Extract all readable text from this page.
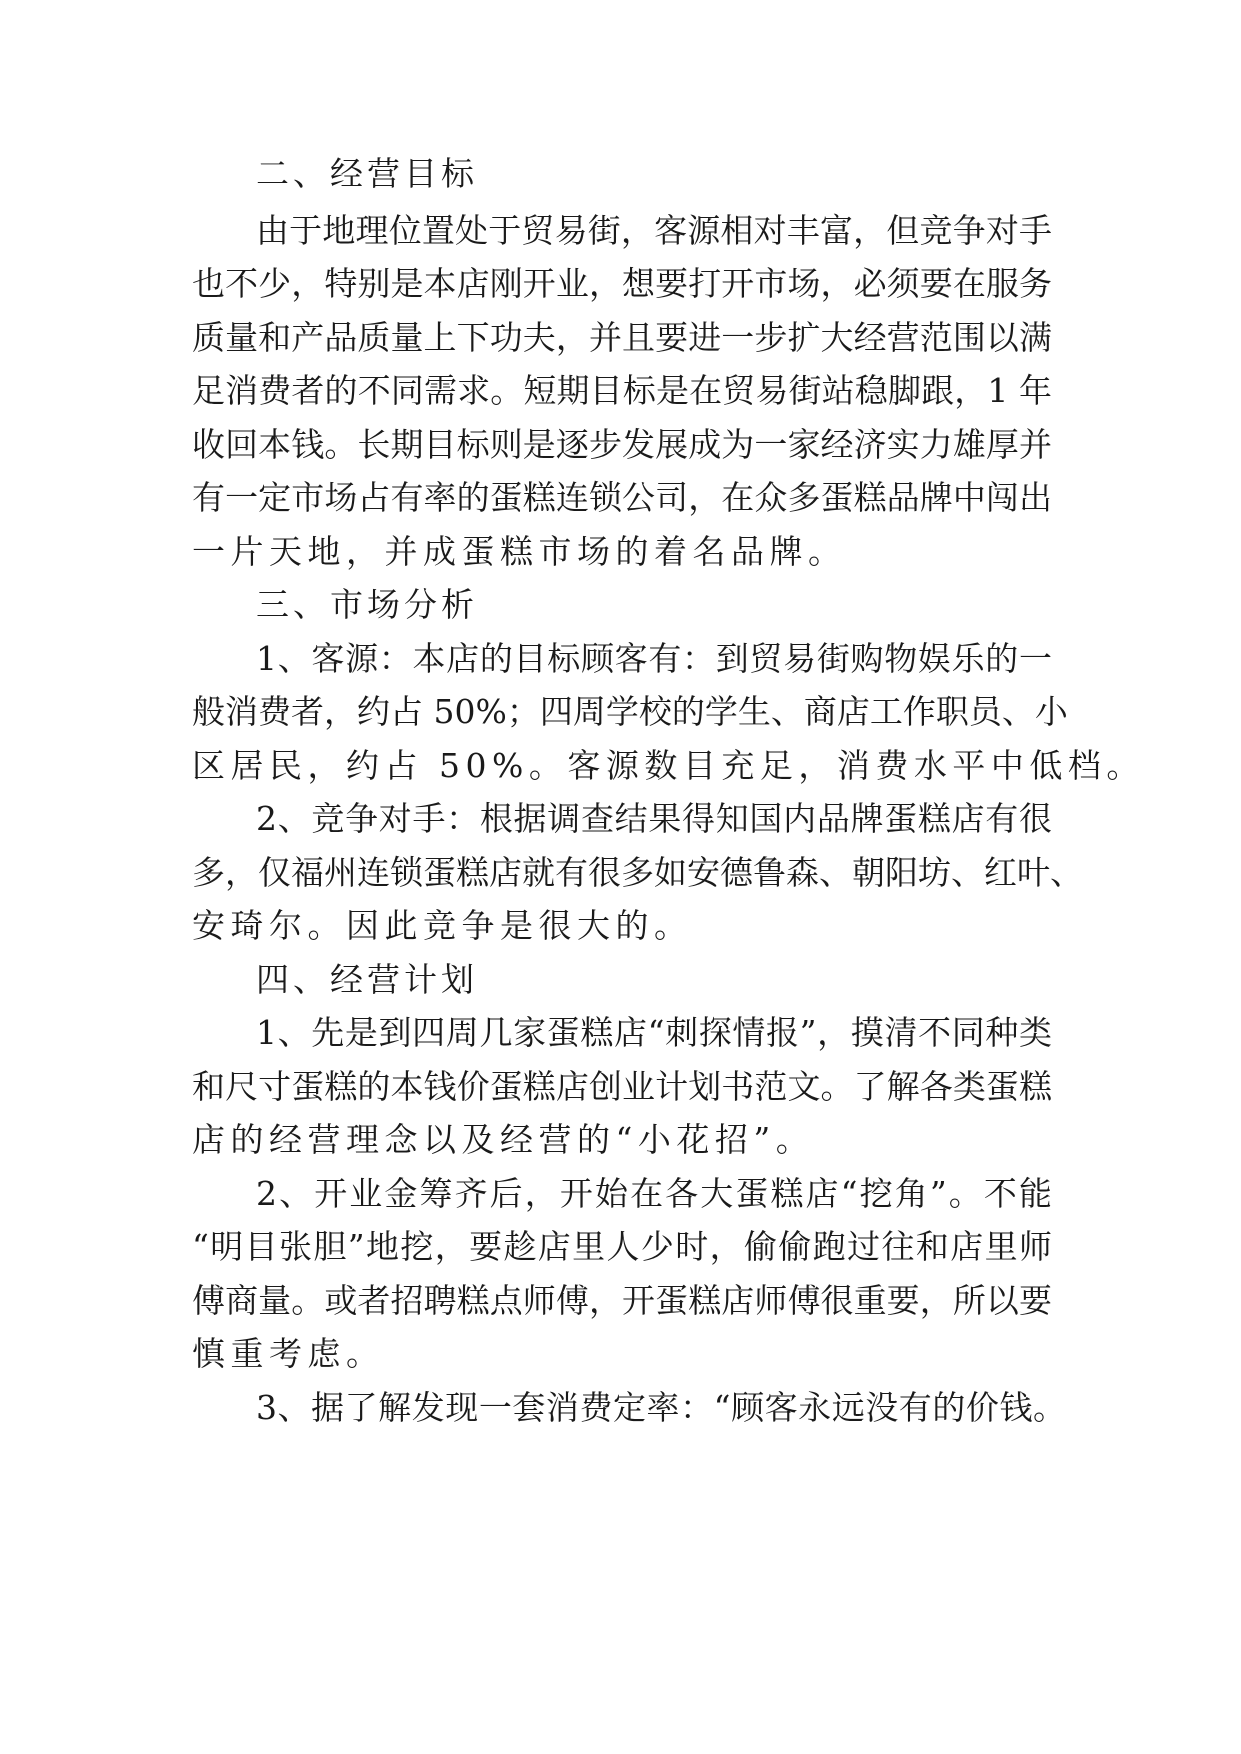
二、经营目标
由于地理位置处于贸易街，客源相对丰富，但竞争对手
也不少，特别是本店刚开业，想要打开市场，必须要在服务
质量和产品质量上下功夫，并且要进一步扩大经营范围以满
足消费者的不同需求。短期目标是在贸易街站稳脚跟，1 年
收回本钱。长期目标则是逐步发展成为一家经济实力雄厚并
有一定市场占有率的蛋糕连锁公司，在众多蛋糕品牌中闯出
一片天地，并成蛋糕市场的着名品牌。
三、市场分析
1、客源：本店的目标顾客有：到贸易街购物娱乐的一
般消费者，约占 50%；四周学校的学生、商店工作职员、小
区居民，约占 50%。客源数目充足，消费水平中低档。
2、竞争对手：根据调查结果得知国内品牌蛋糕店有很
多，仅福州连锁蛋糕店就有很多如安德鲁森、朝阳坊、红叶、
安琦尔。因此竞争是很大的。
四、经营计划
1、先是到四周几家蛋糕店“刺探情报”，摸清不同种类
和尺寸蛋糕的本钱价蛋糕店创业计划书范文。了解各类蛋糕
店的经营理念以及经营的“小花招”。
2、开业金筹齐后，开始在各大蛋糕店“挖角”。不能
“明目张胆”地挖，要趁店里人少时，偷偷跑过往和店里师
傅商量。或者招聘糕点师傅，开蛋糕店师傅很重要，所以要
慎重考虑。
3、据了解发现一套消费定率：“顾客永远没有的价钱。
